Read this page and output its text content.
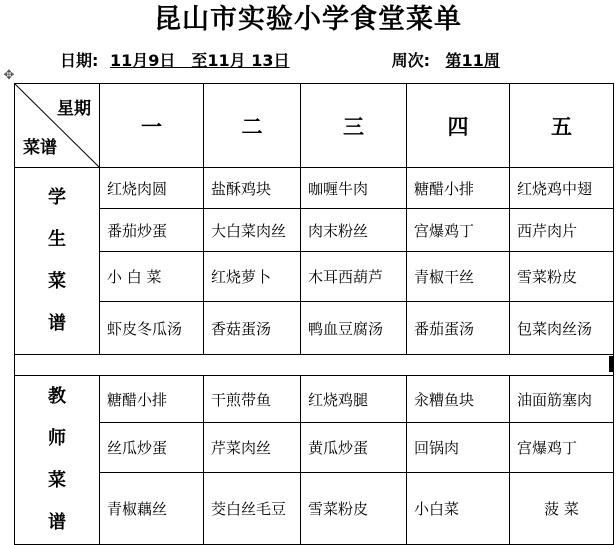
昆山市实验小学食堂菜单
日期: 11月9日　至11月 13日	周次: 第11周
✥
星期
菜谱	一	二	三	四	五

学
生
菜
谱	红烧肉圆	盐酥鸡块	咖喱牛肉	糖醋小排	红烧鸡中翅
	番茄炒蛋	大白菜肉丝	肉末粉丝	宫爆鸡丁	西芹肉片
	小 白 菜	红烧萝卜	木耳西葫芦	青椒干丝	雪菜粉皮
	虾皮冬瓜汤	香菇蛋汤	鸭血豆腐汤	番茄蛋汤	包菜肉丝汤

教
师
菜
谱	糖醋小排	干煎带鱼	红烧鸡腿	汆糟鱼块	油面筋塞肉
	丝瓜炒蛋	芹菜肉丝	黄瓜炒蛋	回锅肉	宫爆鸡丁
	青椒藕丝	茭白丝毛豆	雪菜粉皮	小白菜	菠 菜
